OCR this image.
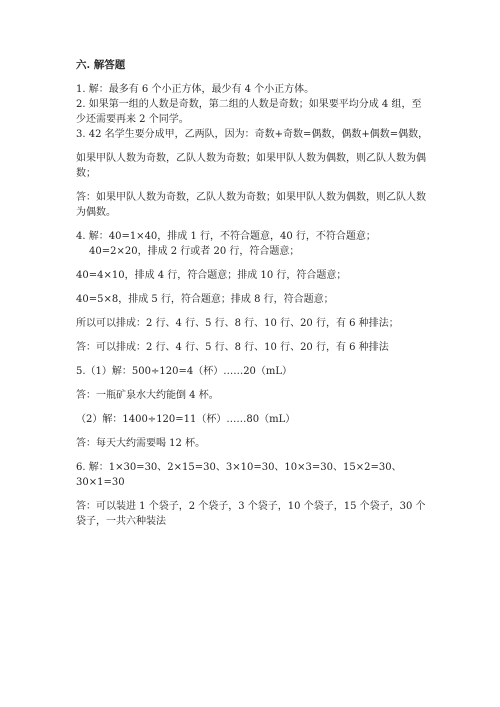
六. 解答题
1. 解：最多有 6 个小正方体，最少有 4 个小正方体。
2. 如果第一组的人数是奇数，第二组的人数是奇数；如果要平均分成 4 组，至少还需要再来 2 个同学。
3. 42 名学生要分成甲，乙两队，因为：奇数+奇数=偶数，偶数+偶数=偶数，
如果甲队人数为奇数，乙队人数为奇数；如果甲队人数为偶数，则乙队人数为偶数；
答：如果甲队人数为奇数，乙队人数为奇数；如果甲队人数为偶数，则乙队人数为偶数。
4. 解：40=1×40，排成 1 行，不符合题意，40 行，不符合题意；
40=2×20，排成 2 行或者 20 行，符合题意；
40=4×10，排成 4 行，符合题意；排成 10 行，符合题意；
40=5×8，排成 5 行，符合题意；排成 8 行，符合题意；
所以可以排成：2 行、4 行、5 行、8 行、10 行、20 行，有 6 种排法；
答：可以排成：2 行、4 行、5 行、8 行、10 行、20 行，有 6 种排法
5.（1）解：500÷120=4（杯）……20（mL）
答：一瓶矿泉水大约能倒 4 杯。
（2）解：1400÷120=11（杯）……80（mL）
答：每天大约需要喝 12 杯。
6. 解：1×30=30、2×15=30、3×10=30、10×3=30、15×2=30、30×1=30
答：可以装进 1 个袋子，2 个袋子，3 个袋子，10 个袋子，15 个袋子，30 个袋子，一共六种装法
